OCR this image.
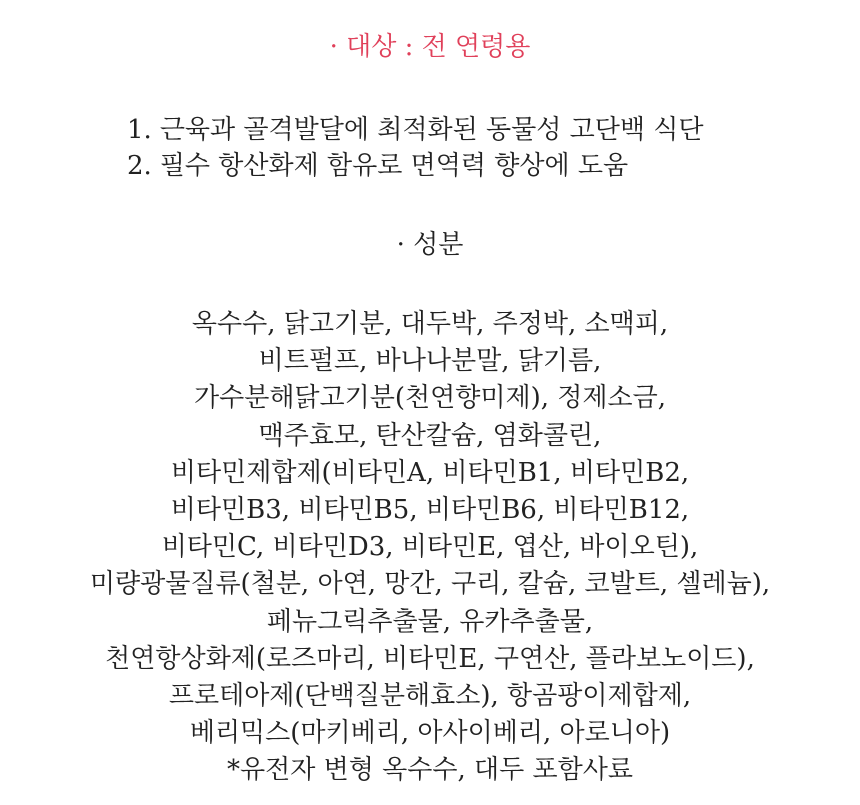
· 대상 : 전 연령용

1. 근육과 골격발달에 최적화된 동물성 고단백 식단
2. 필수 항산화제 함유로 면역력 향상에 도움

· 성분

옥수수, 닭고기분, 대두박, 주정박, 소맥피,
비트펄프, 바나나분말, 닭기름,
가수분해닭고기분(천연향미제), 정제소금,
맥주효모, 탄산칼슘, 염화콜린,
비타민제합제(비타민A, 비타민B1, 비타민B2,
비타민B3, 비타민B5, 비타민B6, 비타민B12,
비타민C, 비타민D3, 비타민E, 엽산, 바이오틴),
미량광물질류(철분, 아연, 망간, 구리, 칼슘, 코발트, 셀레늄),
페뉴그릭추출물, 유카추출물,
천연항상화제(로즈마리, 비타민E, 구연산, 플라보노이드),
프로테아제(단백질분해효소), 항곰팡이제합제,
베리믹스(마키베리, 아사이베리, 아로니아)
*유전자 변형 옥수수, 대두 포함사료
